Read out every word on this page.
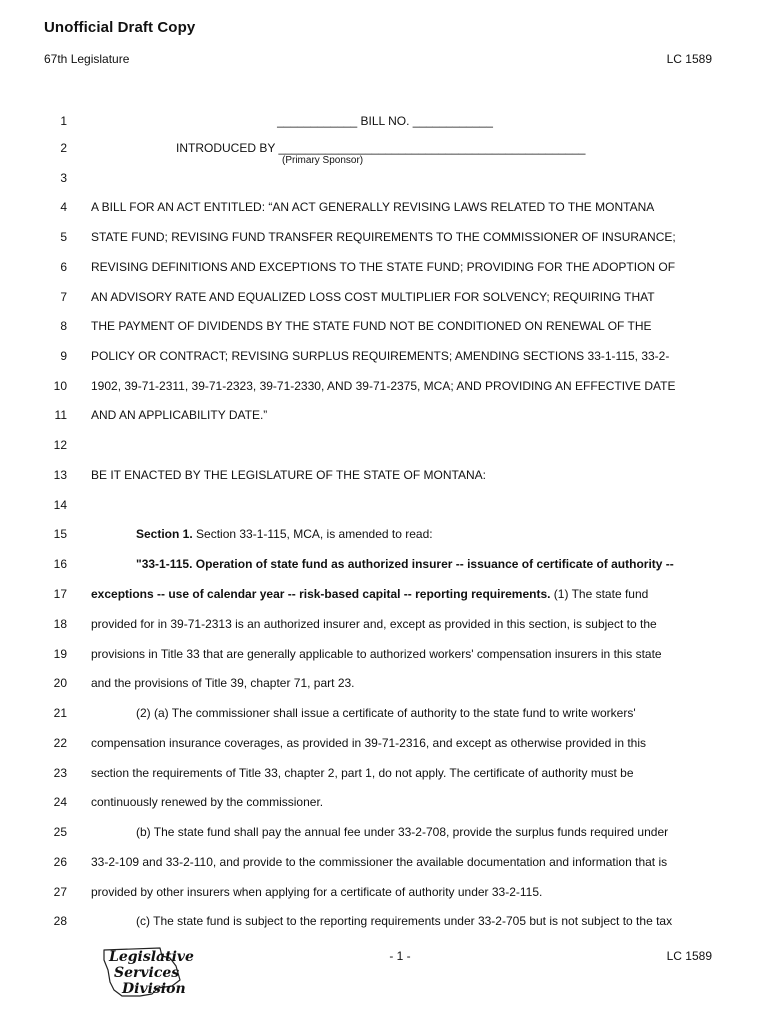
Unofficial Draft Copy
67th Legislature	LC 1589
1	____________ BILL NO. ____________
2	INTRODUCED BY ______________________________________________
(Primary Sponsor)
3
4 A BILL FOR AN ACT ENTITLED: “AN ACT GENERALLY REVISING LAWS RELATED TO THE MONTANA
5 STATE FUND; REVISING FUND TRANSFER REQUIREMENTS TO THE COMMISSIONER OF INSURANCE;
6 REVISING DEFINITIONS AND EXCEPTIONS TO THE STATE FUND; PROVIDING FOR THE ADOPTION OF
7 AN ADVISORY RATE AND EQUALIZED LOSS COST MULTIPLIER FOR SOLVENCY; REQUIRING THAT
8 THE PAYMENT OF DIVIDENDS BY THE STATE FUND NOT BE CONDITIONED ON RENEWAL OF THE
9 POLICY OR CONTRACT; REVISING SURPLUS REQUIREMENTS; AMENDING SECTIONS 33-1-115, 33-2-
10 1902, 39-71-2311, 39-71-2323, 39-71-2330, AND 39-71-2375, MCA; AND PROVIDING AN EFFECTIVE DATE
11 AND AN APPLICABILITY DATE.”
12
13 BE IT ENACTED BY THE LEGISLATURE OF THE STATE OF MONTANA:
14
15	Section 1. Section 33-1-115, MCA, is amended to read:
16	"33-1-115. Operation of state fund as authorized insurer -- issuance of certificate of authority --
17 exceptions -- use of calendar year -- risk-based capital -- reporting requirements. (1) The state fund
18 provided for in 39-71-2313 is an authorized insurer and, except as provided in this section, is subject to the
19 provisions in Title 33 that are generally applicable to authorized workers' compensation insurers in this state
20 and the provisions of Title 39, chapter 71, part 23.
21	(2) (a) The commissioner shall issue a certificate of authority to the state fund to write workers'
22 compensation insurance coverages, as provided in 39-71-2316, and except as otherwise provided in this
23 section the requirements of Title 33, chapter 2, part 1, do not apply. The certificate of authority must be
24 continuously renewed by the commissioner.
25	(b) The state fund shall pay the annual fee under 33-2-708, provide the surplus funds required under
26 33-2-109 and 33-2-110, and provide to the commissioner the available documentation and information that is
27 provided by other insurers when applying for a certificate of authority under 33-2-115.
28	(c) The state fund is subject to the reporting requirements under 33-2-705 but is not subject to the tax
Legislative
Services
Division
- 1 -	LC 1589
